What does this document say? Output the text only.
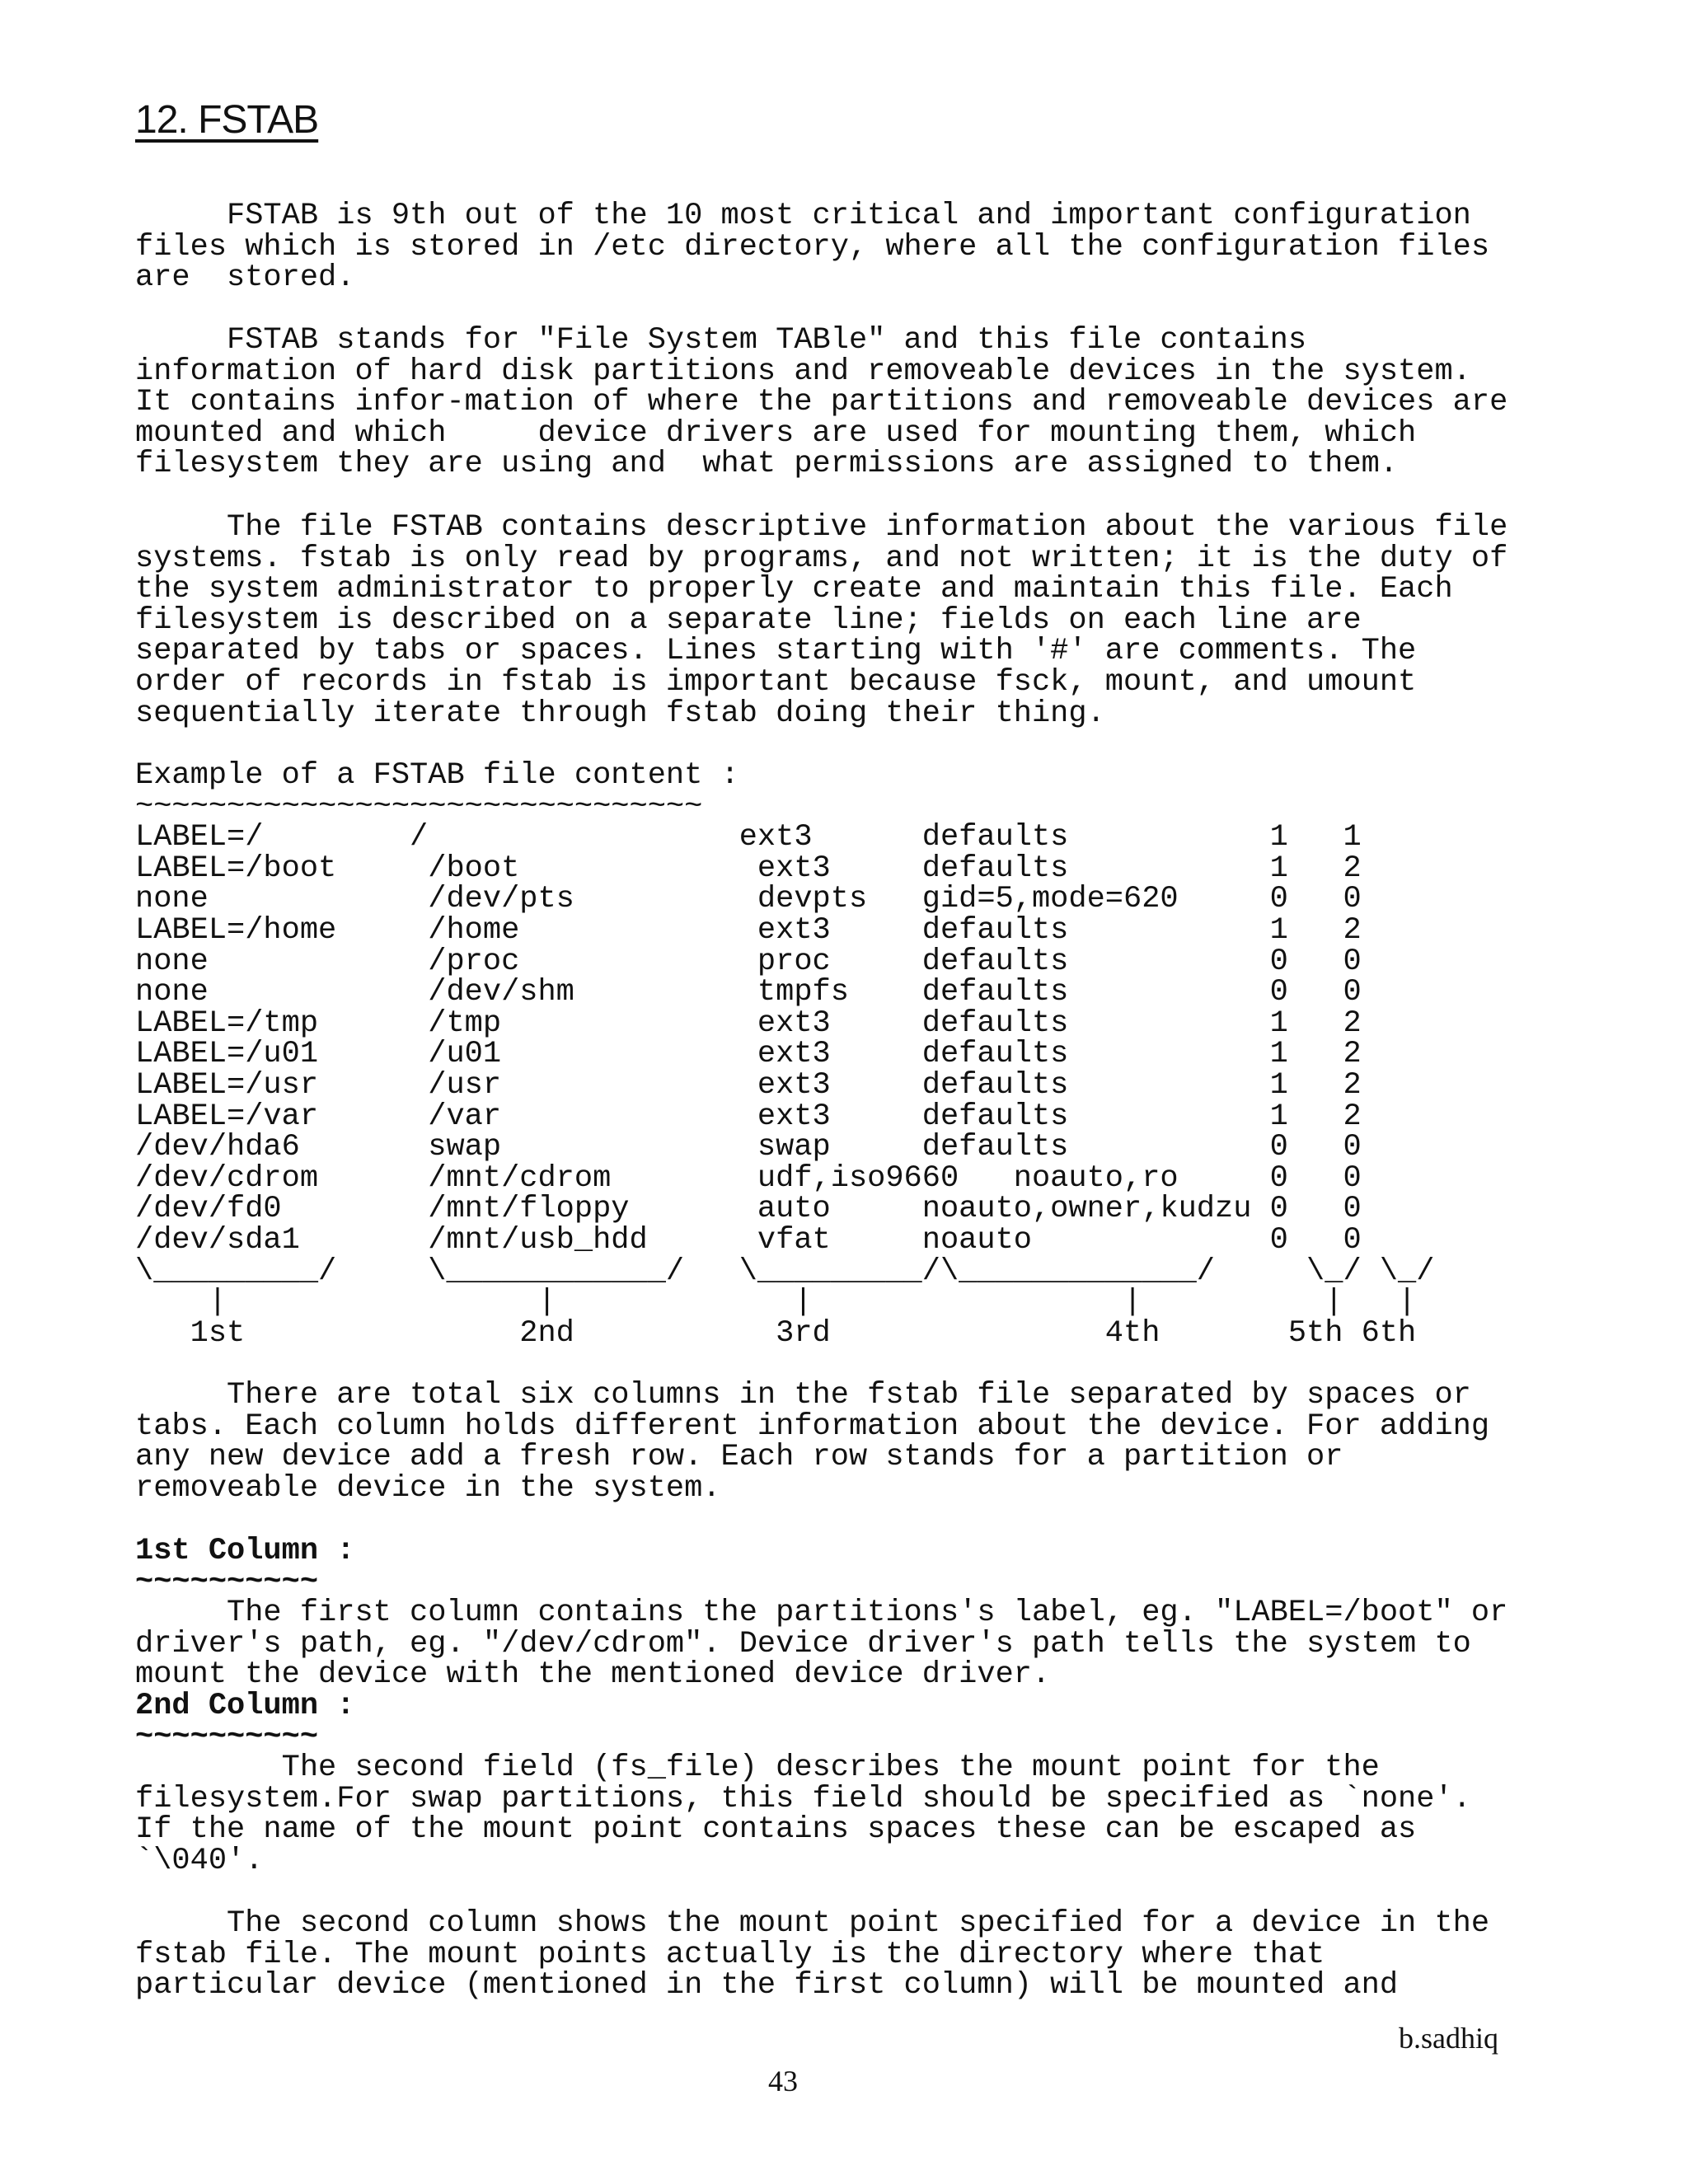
12. FSTAB
FSTAB is 9th out of the 10 most critical and important configuration
files which is stored in /etc directory, where all the configuration files
are  stored.
FSTAB stands for "File System TABle" and this file contains
information of hard disk partitions and removeable devices in the system.
It contains infor-mation of where the partitions and removeable devices are
mounted and which     device drivers are used for mounting them, which
filesystem they are using and  what permissions are assigned to them.
The file FSTAB contains descriptive information about the various file
systems. fstab is only read by programs, and not written; it is the duty of
the system administrator to properly create and maintain this file. Each
filesystem is described on a separate line; fields on each line are
separated by tabs or spaces. Lines starting with '#' are comments. The
order of records in fstab is important because fsck, mount, and umount
sequentially iterate through fstab doing their thing.
Example of a FSTAB file content :
~~~~~~~~~~~~~~~~~~~~~~~~~~~~~~~
LABEL=/        /                 ext3      defaults           1   1
LABEL=/boot     /boot             ext3     defaults           1   2
none            /dev/pts          devpts   gid=5,mode=620     0   0
LABEL=/home     /home             ext3     defaults           1   2
none            /proc             proc     defaults           0   0
none            /dev/shm          tmpfs    defaults           0   0
LABEL=/tmp      /tmp              ext3     defaults           1   2
LABEL=/u01      /u01              ext3     defaults           1   2
LABEL=/usr      /usr              ext3     defaults           1   2
LABEL=/var      /var              ext3     defaults           1   2
/dev/hda6       swap              swap     defaults           0   0
/dev/cdrom      /mnt/cdrom        udf,iso9660   noauto,ro     0   0
/dev/fd0        /mnt/floppy       auto     noauto,owner,kudzu 0   0
/dev/sda1       /mnt/usb_hdd      vfat     noauto             0   0
\_________/     \____________/   \_________/\_____________/     \_/ \_/
|                 |             |                 |          |   |
1st               2nd           3rd               4th       5th 6th
There are total six columns in the fstab file separated by spaces or
tabs. Each column holds different information about the device. For adding
any new device add a fresh row. Each row stands for a partition or
removeable device in the system.
1st Column :
~~~~~~~~~~
The first column contains the partitions's label, eg. "LABEL=/boot" or
driver's path, eg. "/dev/cdrom". Device driver's path tells the system to
mount the device with the mentioned device driver.
2nd Column :
~~~~~~~~~~
The second field (fs_file) describes the mount point for the
filesystem.For swap partitions, this field should be specified as `none'.
If the name of the mount point contains spaces these can be escaped as
`\040'.
The second column shows the mount point specified for a device in the
fstab file. The mount points actually is the directory where that
particular device (mentioned in the first column) will be mounted and
b.sadhiq
43
